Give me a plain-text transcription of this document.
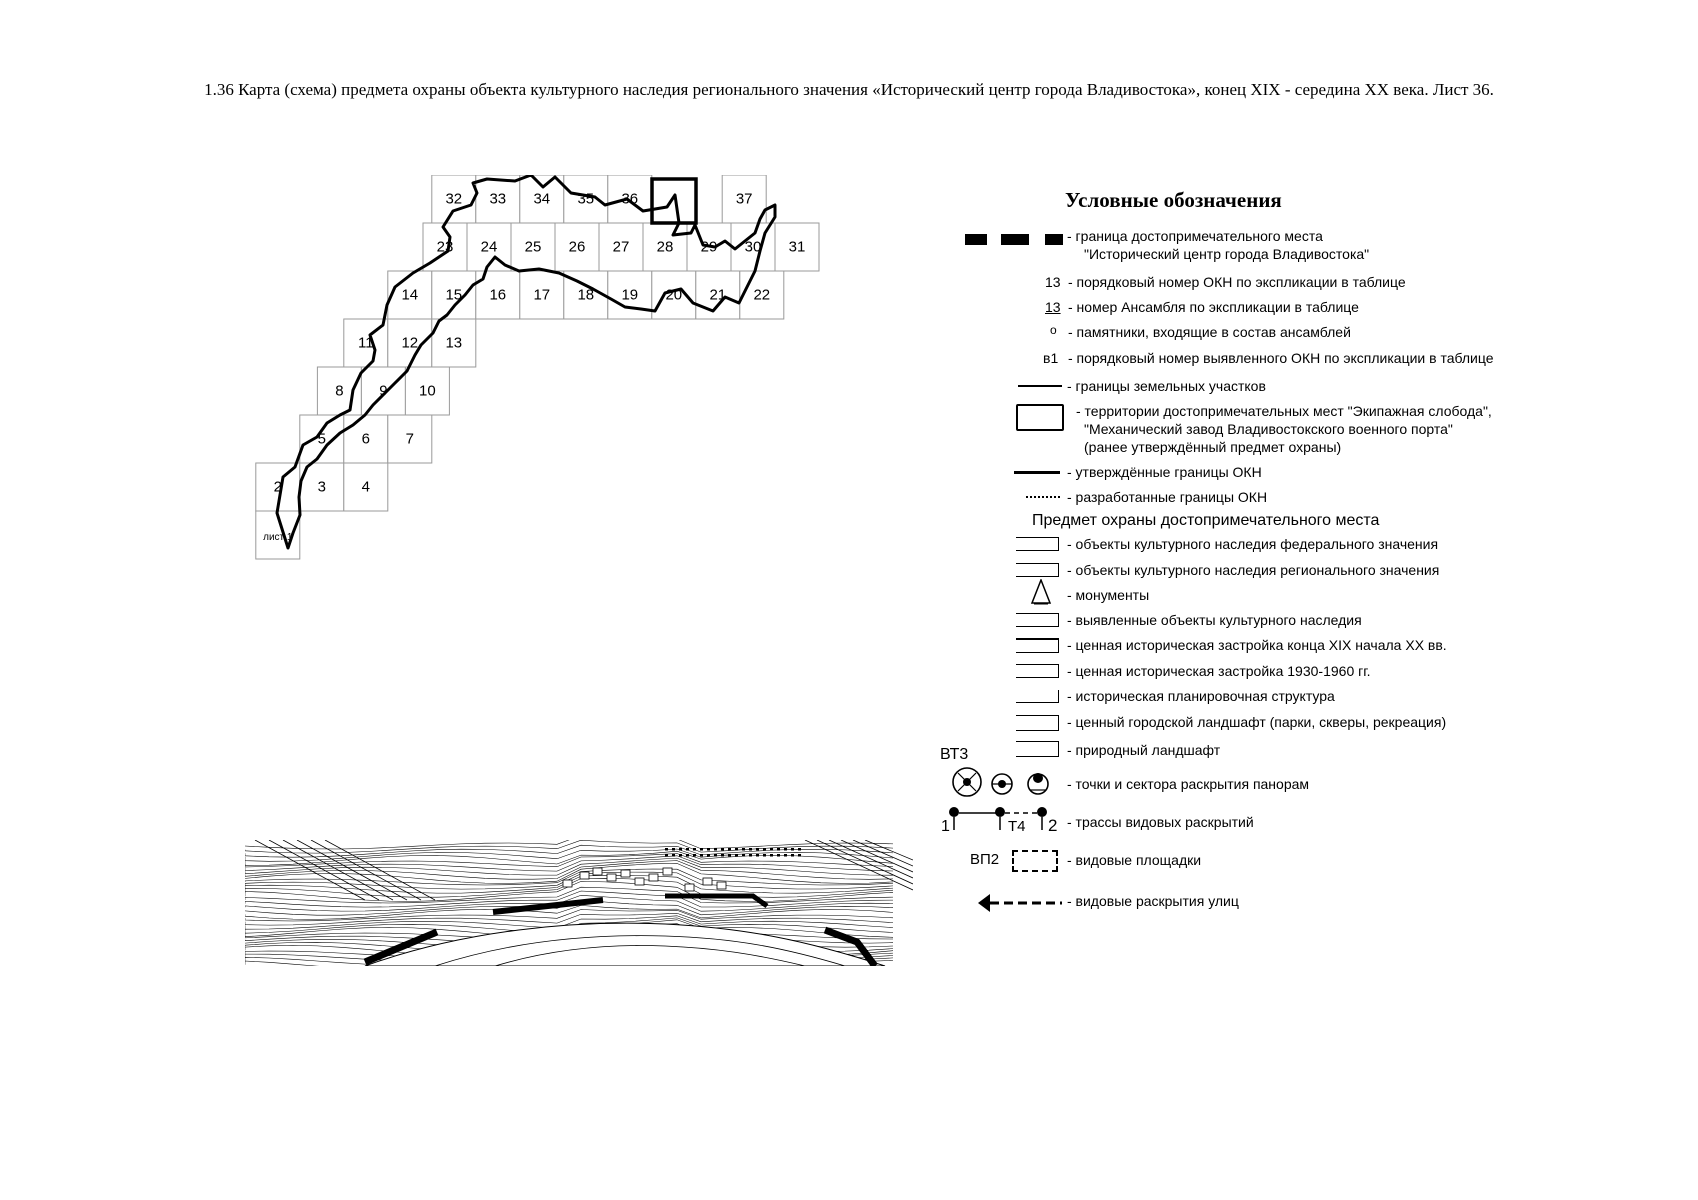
1.36 Карта (схема) предмета охраны объекта культурного наследия регионального значения «Исторический центр города Владивостока», конец XIX - середина XX века. Лист 36.
32 33 34 35 36	37
23 24 25 26 27 28 29 30 31
14 15 16 17 18 19 20 21 22
11 12 13
8 9 10
5 6 7
2 3 4
лист 1
Условные обозначения
- граница достопримечательного места
"Исторический центр города Владивостока"
13 - порядковый номер ОКН по экспликации в таблице
13 - номер Ансамбля по экспликации в таблице
о - памятники, входящие в состав ансамблей
в1 - порядковый номер выявленного ОКН по экспликации в таблице
- границы земельных участков
- территории достопримечательных мест "Экипажная слобода",
"Механический завод Владивостокского военного порта"
(ранее утверждённый предмет охраны)
- утверждённые границы ОКН
- разработанные границы ОКН
Предмет охраны достопримечательного места
- объекты культурного наследия федерального значения
- объекты культурного наследия регионального значения
- монументы
- выявленные объекты культурного наследия
- ценная историческая застройка конца XIX начала XX вв.
- ценная историческая застройка 1930-1960 гг.
- историческая планировочная структура
- ценный городской ландшафт (парки, скверы, рекреация)
- природный ландшафт
ВТ3
- точки и сектора раскрытия панорам
1	Т4 2 - трассы видовых раскрытий
ВП2	- видовые площадки
- видовые раскрытия улиц
